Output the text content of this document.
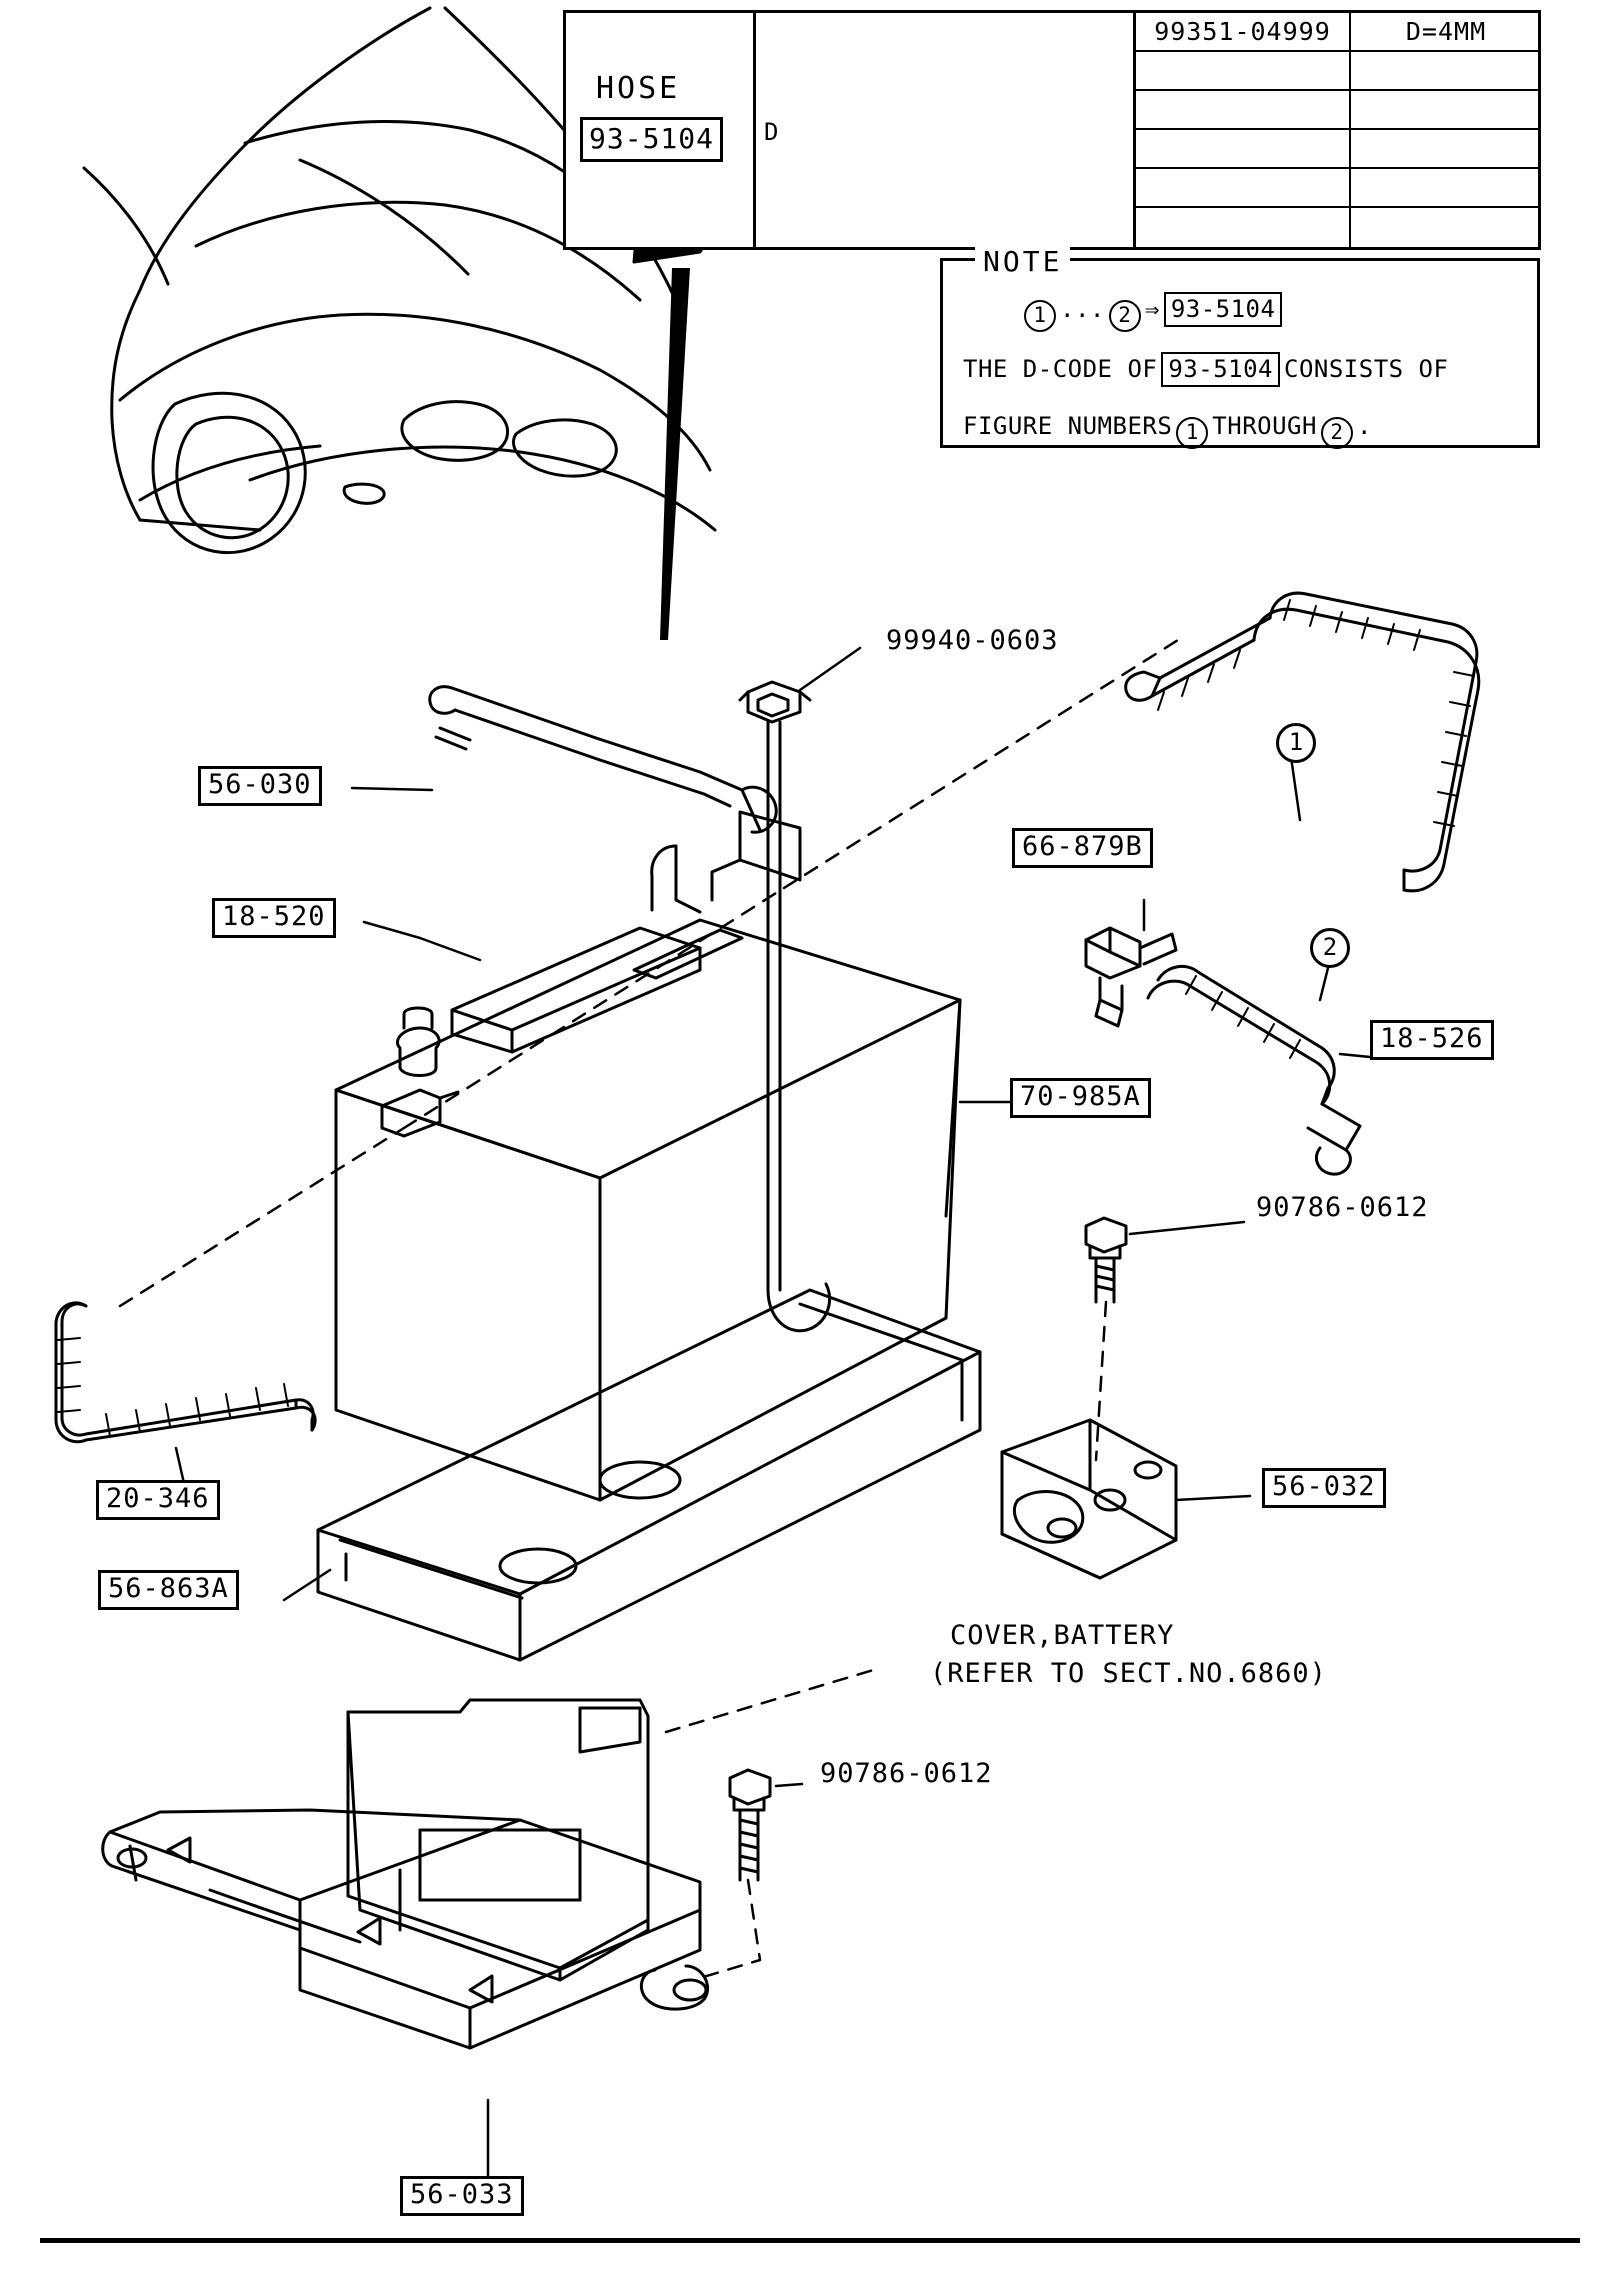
99351-04999	D=4MM
HOSE
93-5104	D
NOTE
1 ... 2 ⇒ 93-5104
THE D-CODE OF 93-5104 CONSISTS OF
FIGURE NUMBERS 1 THROUGH 2 .
99940-0603
56-030
18-520
66-879B
18-526
70-985A
90786-0612
56-032
20-346
56-863A
90786-0612
56-033
COVER,BATTERY
(REFER TO SECT.NO.6860)
1
2
